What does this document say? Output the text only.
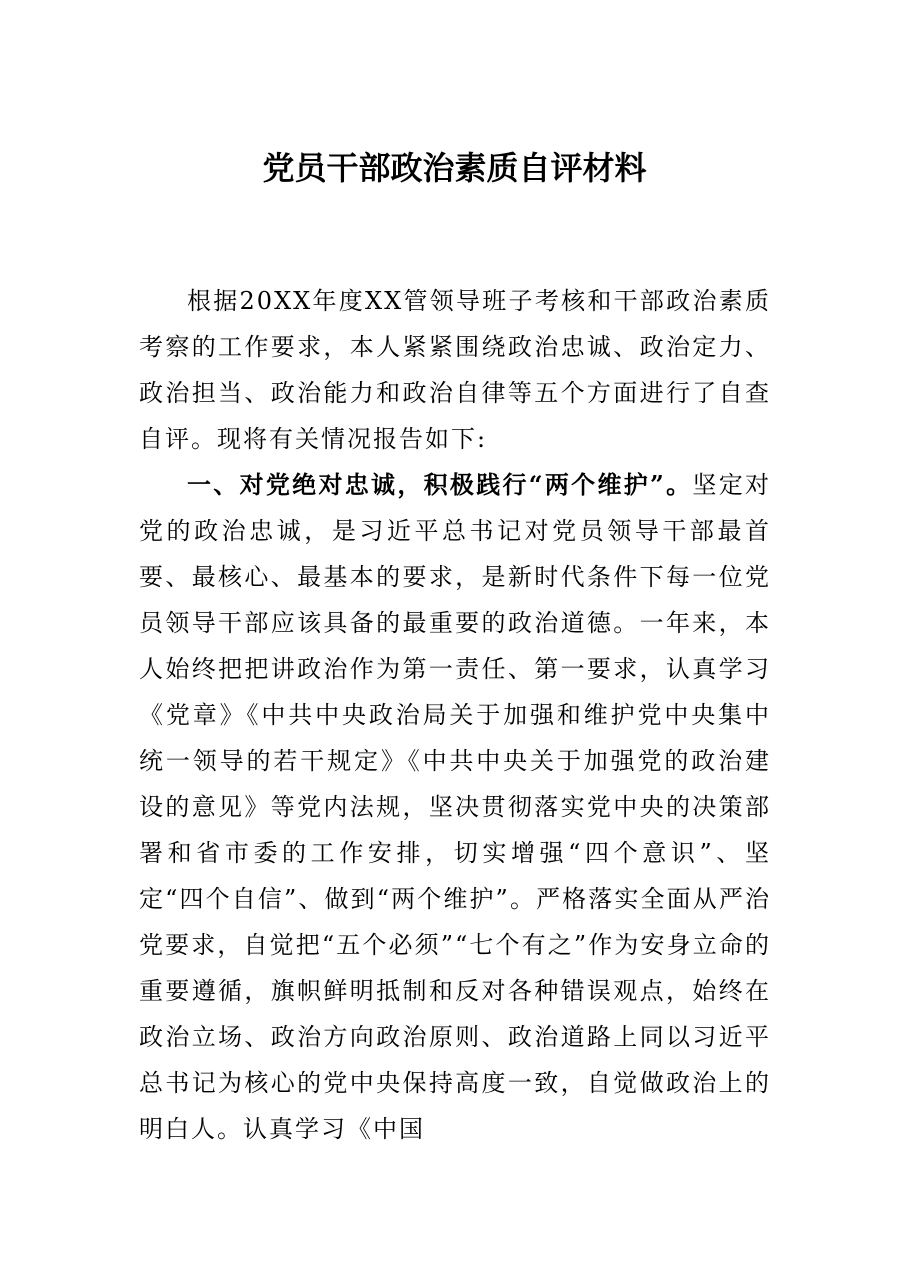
党员干部政治素质自评材料

根据20XX年度XX管领导班子考核和干部政治素质考察的工作要求，本人紧紧围绕政治忠诚、政治定力、政治担当、政治能力和政治自律等五个方面进行了自查自评。现将有关情况报告如下:

一、对党绝对忠诚，积极践行“两个维护”。坚定对党的政治忠诚，是习近平总书记对党员领导干部最首要、最核心、最基本的要求，是新时代条件下每一位党员领导干部应该具备的最重要的政治道德。一年来，本人始终把把讲政治作为第一责任、第一要求，认真学习《党章》《中共中央政治局关于加强和维护党中央集中统一领导的若干规定》《中共中央关于加强党的政治建设的意见》等党内法规，坚决贯彻落实党中央的决策部署和省市委的工作安排，切实增强“四个意识”、坚定“四个自信”、做到“两个维护”。严格落实全面从严治党要求，自觉把“五个必须”“七个有之”作为安身立命的重要遵循，旗帜鲜明抵制和反对各种错误观点，始终在政治立场、政治方向政治原则、政治道路上同以习近平总书记为核心的党中央保持高度一致，自觉做政治上的明白人。认真学习《中国
